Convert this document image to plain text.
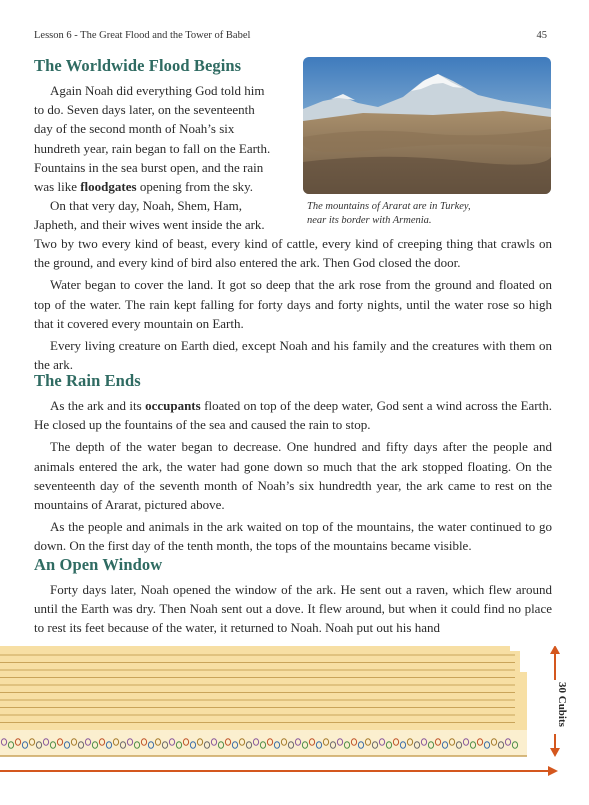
Lesson 6 - The Great Flood and the Tower of Babel	45
The Worldwide Flood Begins
Again Noah did everything God told him
to do. Seven days later, on the seventeenth
day of the second month of Noah’s six
hundreth year, rain began to fall on the Earth.
Fountains in the sea burst open, and the rain
was like floodgates opening from the sky.
On that very day, Noah, Shem, Ham,
Japheth, and their wives went inside the ark.
The mountains of Ararat are in Turkey,
near its border with Armenia.
Two by two every kind of beast, every kind of cattle, every kind of creeping thing that crawls on the ground, and every kind of bird also entered the ark. Then God closed the door.
Water began to cover the land. It got so deep that the ark rose from the ground and floated on top of the water. The rain kept falling for forty days and forty nights, until the water rose so high that it covered every mountain on Earth.
Every living creature on Earth died, except Noah and his family and the creatures with them on the ark.
The Rain Ends
As the ark and its occupants floated on top of the deep water, God sent a wind across the Earth. He closed up the fountains of the sea and caused the rain to stop.
The depth of the water began to decrease. One hundred and fifty days after the people and animals entered the ark, the water had gone down so much that the ark stopped floating. On the seventeenth day of the seventh month of Noah’s six hundredth year, the ark came to rest on the mountains of Ararat, pictured above.
As the people and animals in the ark waited on top of the mountains, the water continued to go down. On the first day of the tenth month, the tops of the mountains became visible.
An Open Window
Forty days later, Noah opened the window of the ark. He sent out a raven, which flew around until the Earth was dry. Then Noah sent out a dove. It flew around, but when it could find no place to rest its feet because of the water, it returned to Noah. Noah put out his hand
30 Cubits
